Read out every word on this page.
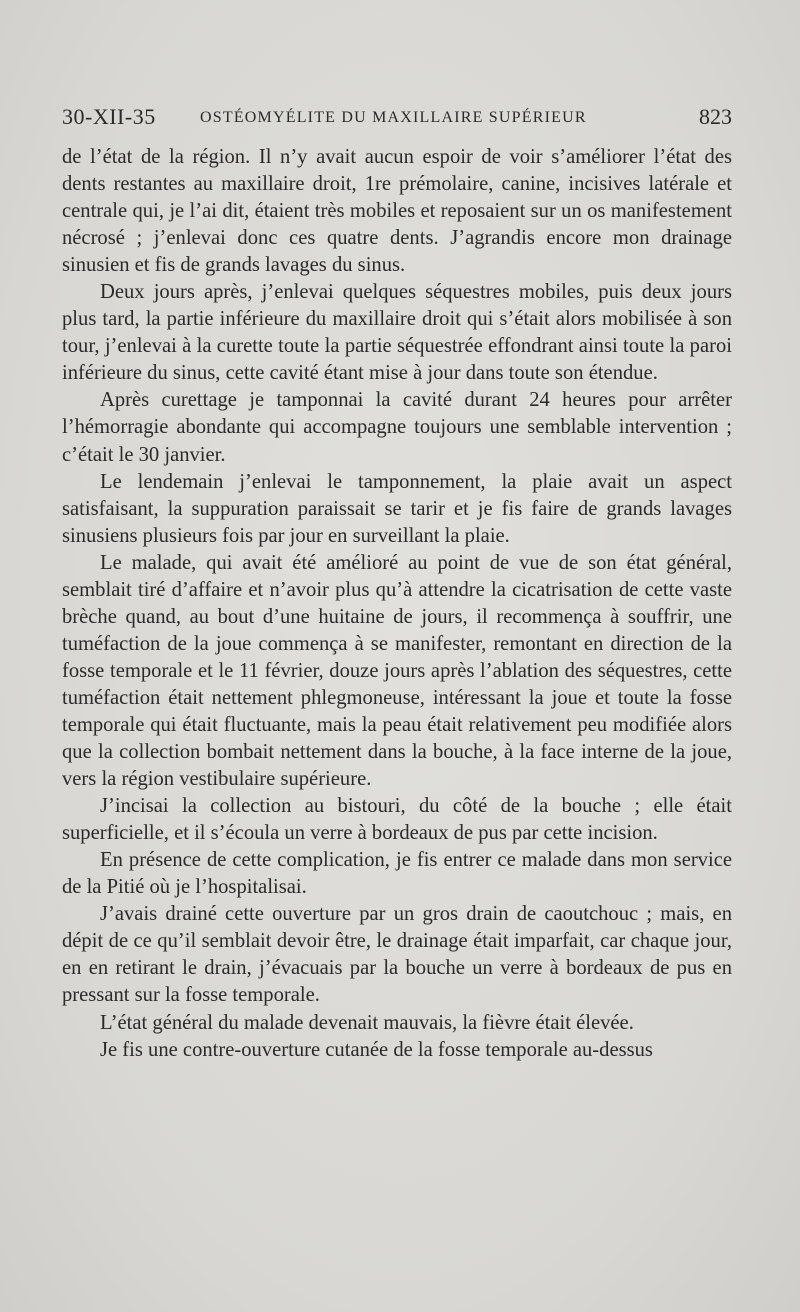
30-XII-35	OSTÉOMYÉLITE DU MAXILLAIRE SUPÉRIEUR	823

de l’état de la région. Il n’y avait aucun espoir de voir s’améliorer l’état des dents restantes au maxillaire droit, 1re prémolaire, canine, incisives latérale et centrale qui, je l’ai dit, étaient très mobiles et reposaient sur un os manifestement nécrosé ; j’enlevai donc ces quatre dents. J’agrandis encore mon drainage sinusien et fis de grands lavages du sinus.

Deux jours après, j’enlevai quelques séquestres mobiles, puis deux jours plus tard, la partie inférieure du maxillaire droit qui s’était alors mobilisée à son tour, j’enlevai à la curette toute la partie séquestrée effondrant ainsi toute la paroi inférieure du sinus, cette cavité étant mise à jour dans toute son étendue.

Après curettage je tamponnai la cavité durant 24 heures pour arrêter l’hémorragie abondante qui accompagne toujours une semblable intervention ; c’était le 30 janvier.

Le lendemain j’enlevai le tamponnement, la plaie avait un aspect satisfaisant, la suppuration paraissait se tarir et je fis faire de grands lavages sinusiens plusieurs fois par jour en surveillant la plaie.

Le malade, qui avait été amélioré au point de vue de son état général, semblait tiré d’affaire et n’avoir plus qu’à attendre la cicatrisation de cette vaste brèche quand, au bout d’une huitaine de jours, il recommença à souffrir, une tuméfaction de la joue commença à se manifester, remontant en direction de la fosse temporale et le 11 février, douze jours après l’ablation des séquestres, cette tuméfaction était nettement phlegmoneuse, intéressant la joue et toute la fosse temporale qui était fluctuante, mais la peau était relativement peu modifiée alors que la collection bombait nettement dans la bouche, à la face interne de la joue, vers la région vestibulaire supérieure.

J’incisai la collection au bistouri, du côté de la bouche ; elle était superficielle, et il s’écoula un verre à bordeaux de pus par cette incision.

En présence de cette complication, je fis entrer ce malade dans mon service de la Pitié où je l’hospitalisai.

J’avais drainé cette ouverture par un gros drain de caoutchouc ; mais, en dépit de ce qu’il semblait devoir être, le drainage était imparfait, car chaque jour, en en retirant le drain, j’évacuais par la bouche un verre à bordeaux de pus en pressant sur la fosse temporale.

L’état général du malade devenait mauvais, la fièvre était élevée.

Je fis une contre-ouverture cutanée de la fosse temporale au-dessus
